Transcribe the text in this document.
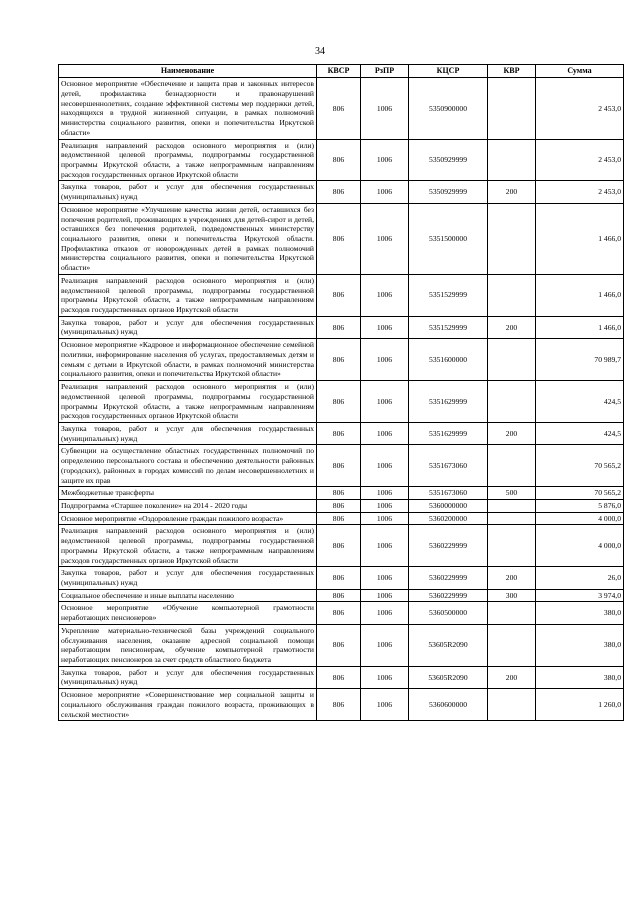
34
Наименование	КВСР	РзПР	КЦСР	КВР	Сумма
Основное мероприятие «Обеспечение и защита прав и законных интересов детей, профилактика безнадзорности и правонарушений несовершеннолетних, создание эффективной системы мер поддержки детей, находящихся в трудной жизненной ситуации, в рамках полномочий министерства социального развития, опеки и попечительства Иркутской области»	806	1006	5350900000		2 453,0
Реализация направлений расходов основного мероприятия и (или) ведомственной целевой программы, подпрограммы государственной программы Иркутской области, а также непрограммным направлениям расходов государственных органов Иркутской области	806	1006	5350929999		2 453,0
Закупка товаров, работ и услуг для обеспечения государственных (муниципальных) нужд	806	1006	5350929999	200	2 453,0
Основное мероприятие «Улучшение качества жизни детей, оставшихся без попечения родителей, проживающих в учреждениях для детей-сирот и детей, оставшихся без попечения родителей, подведомственных министерству социального развития, опеки и попечительства Иркутской области. Профилактика отказов от новорожденных детей в рамках полномочий министерства социального развития, опеки и попечительства Иркутской области»	806	1006	5351500000		1 466,0
Реализация направлений расходов основного мероприятия и (или) ведомственной целевой программы, подпрограммы государственной программы Иркутской области, а также непрограммным направлениям расходов государственных органов Иркутской области	806	1006	5351529999		1 466,0
Закупка товаров, работ и услуг для обеспечения государственных (муниципальных) нужд	806	1006	5351529999	200	1 466,0
Основное мероприятие «Кадровое и информационное обеспечение семейной политики, информирование населения об услугах, предоставляемых детям и семьям с детьми в Иркутской области, в рамках полномочий министерства социального развития, опеки и попечительства Иркутской области»	806	1006	5351600000		70 989,7
Реализация направлений расходов основного мероприятия и (или) ведомственной целевой программы, подпрограммы государственной программы Иркутской области, а также непрограммным направлениям расходов государственных органов Иркутской области	806	1006	5351629999		424,5
Закупка товаров, работ и услуг для обеспечения государственных (муниципальных) нужд	806	1006	5351629999	200	424,5
Субвенции на осуществление областных государственных полномочий по определению персонального состава и обеспечению деятельности районных (городских), районных в городах комиссий по делам несовершеннолетних и защите их прав	806	1006	5351673060		70 565,2
Межбюджетные трансферты	806	1006	5351673060	500	70 565,2
Подпрограмма «Старшее поколение» на 2014 - 2020 годы	806	1006	5360000000		5 876,0
Основное мероприятие «Оздоровление граждан пожилого возраста»	806	1006	5360200000		4 000,0
Реализация направлений расходов основного мероприятия и (или) ведомственной целевой программы, подпрограммы государственной программы Иркутской области, а также непрограммным направлениям расходов государственных органов Иркутской области	806	1006	5360229999		4 000,0
Закупка товаров, работ и услуг для обеспечения государственных (муниципальных) нужд	806	1006	5360229999	200	26,0
Социальное обеспечение и иные выплаты населению	806	1006	5360229999	300	3 974,0
Основное мероприятие «Обучение компьютерной грамотности неработающих пенсионеров»	806	1006	5360500000		380,0
Укрепление материально-технической базы учреждений социального обслуживания населения, оказание адресной социальной помощи неработающим пенсионерам, обучение компьютерной грамотности неработающих пенсионеров за счет средств областного бюджета	806	1006	53605R2090		380,0
Закупка товаров, работ и услуг для обеспечения государственных (муниципальных) нужд	806	1006	53605R2090	200	380,0
Основное мероприятие «Совершенствование мер социальной защиты и социального обслуживания граждан пожилого возраста, проживающих в сельской местности»	806	1006	5360600000		1 260,0
